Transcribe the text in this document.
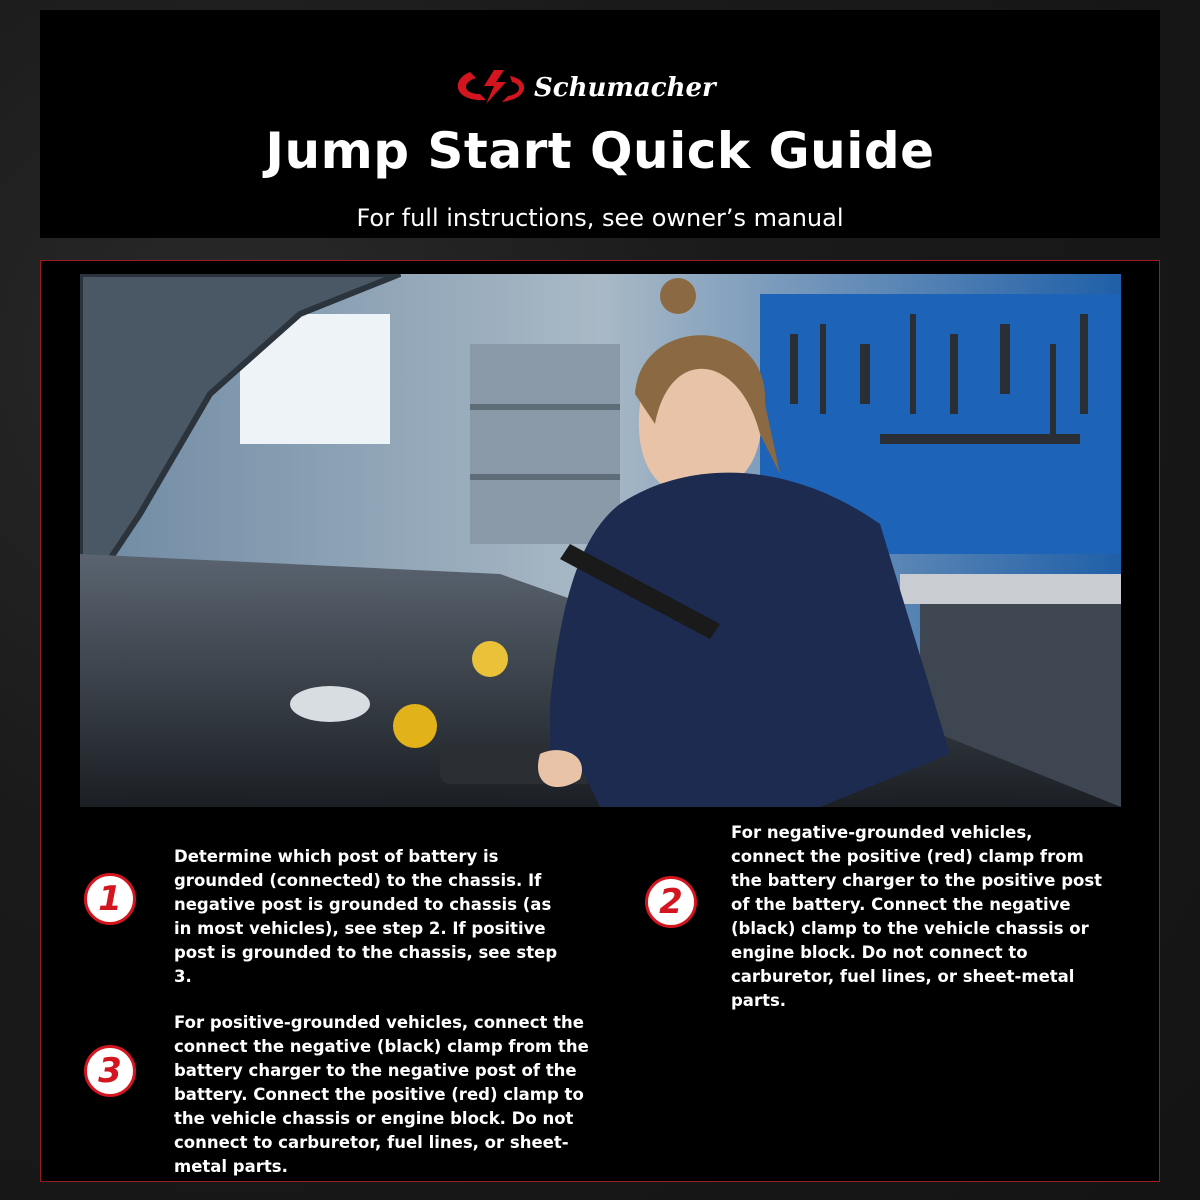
Schumacher
Jump Start Quick Guide
For full instructions, see owner’s manual
1
Determine which post of battery is grounded (connected) to the chassis. If negative post is grounded to chassis (as in most vehicles), see step 2. If positive post is grounded to the chassis, see step 3.
2
For negative-grounded vehicles, connect the positive (red) clamp from the battery charger to the positive post of the battery. Connect the negative (black) clamp to the vehicle chassis or engine block. Do not connect to carburetor, fuel lines, or sheet-metal parts.
3
For positive-grounded vehicles, connect the connect the negative (black) clamp from the battery charger to the negative post of the battery. Connect the positive (red) clamp to the vehicle chassis or engine block. Do not connect to carburetor, fuel lines, or sheet-metal parts.
